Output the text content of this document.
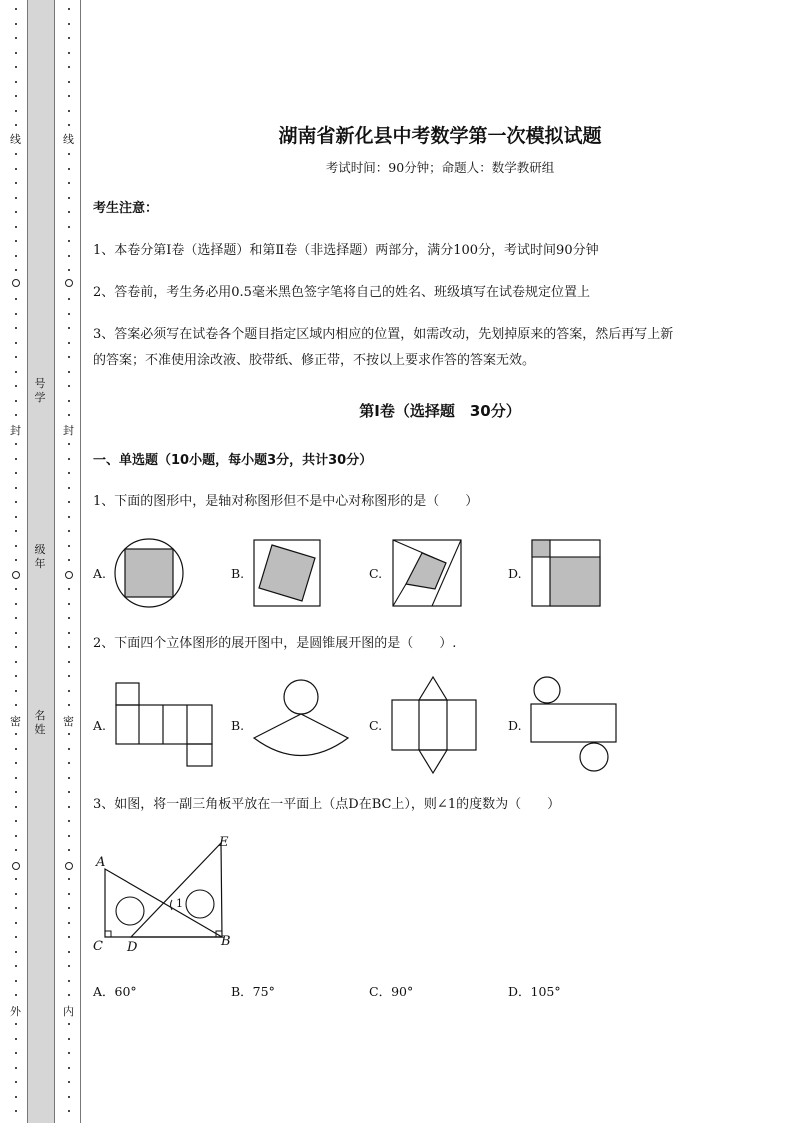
线
封
密
外
线
封
密
内
号
学
级
年
名
姓
湖南省新化县中考数学第一次模拟试题
考试时间：90分钟；命题人：数学教研组
考生注意：
1、本卷分第Ⅰ卷（选择题）和第Ⅱ卷（非选择题）两部分，满分100分，考试时间90分钟
2、答卷前，考生务必用0.5毫米黑色签字笔将自己的姓名、班级填写在试卷规定位置上
3、答案必须写在试卷各个题目指定区域内相应的位置，如需改动，先划掉原来的答案，然后再写上新
的答案；不准使用涂改液、胶带纸、修正带，不按以上要求作答的答案无效。
第Ⅰ卷（选择题　30分）
一、单选题（10小题，每小题3分，共计30分）
1、下面的图形中，是轴对称图形但不是中心对称图形的是（　　）
A.	B.	C.	D.
2、下面四个立体图形的展开图中，是圆锥展开图的是（　　）.
A.	B.	C.	D.
3、如图，将一副三角板平放在一平面上（点D在BC上），则∠1的度数为（　　）
A
E
C D	B
1
A．60°	B．75°	C．90°	D．105°
